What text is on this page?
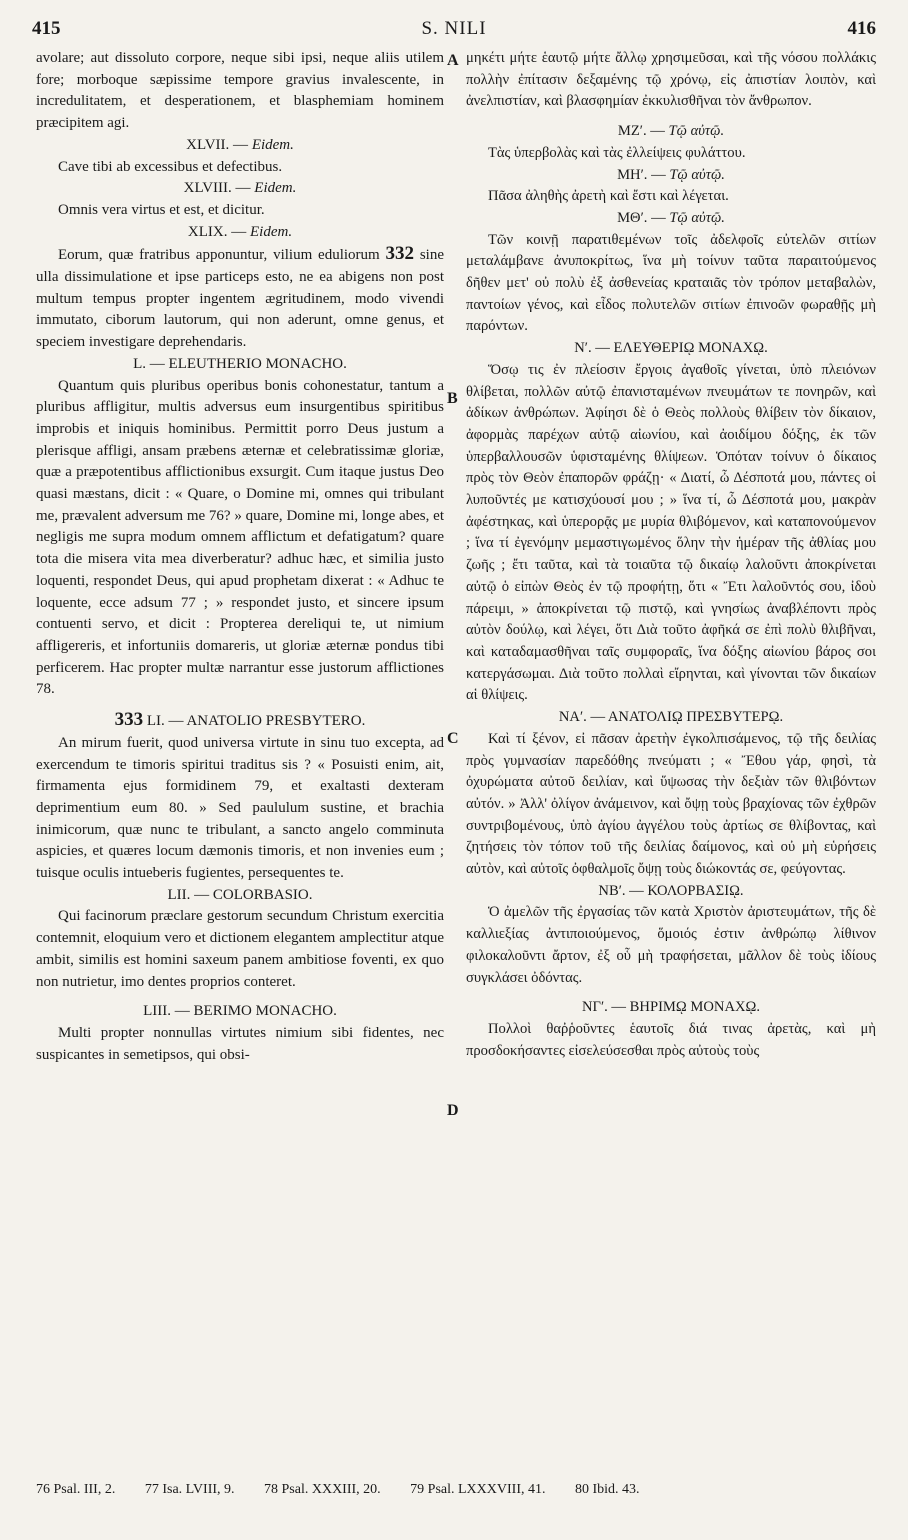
415	S. NILI	416
A
B
C
D

avolare; aut dissoluto corpore, neque sibi ipsi, neque aliis utilem fore; morboque sæpissime tempore gravius invalescente, in incredulitatem, et desperationem, et blasphemiam hominem præcipitem agi.

XLVII. — Eidem.

Cave tibi ab excessibus et defectibus.

XLVIII. — Eidem.

Omnis vera virtus et est, et dicitur.

XLIX. — Eidem.

Eorum, quæ fratribus apponuntur, vilium eduliorum 332 sine ulla dissimulatione et ipse particeps esto, ne ea abigens non post multum tempus propter ingentem ægritudinem, modo vivendi immutato, ciborum lautorum, qui non aderunt, omne genus, et speciem investigare deprehendaris.

L. — ELEUTHERIO MONACHO.

Quantum quis pluribus operibus bonis cohonestatur, tantum a pluribus affligitur, multis adversus eum insurgentibus spiritibus improbis et iniquis hominibus. Permittit porro Deus justum a plerisque affligi, ansam præbens æternæ et celebratissimæ gloriæ, quæ a præpotentibus afflictionibus exsurgit. Cum itaque justus Deo quasi mæstans, dicit : « Quare, o Domine mi, omnes qui tribulant me, prævalent adversum me 76? » quare, Domine mi, longe abes, et negligis me supra modum omnem afflictum et defatigatum? quare tota die misera vita mea diverberatur? adhuc hæc, et similia justo loquenti, respondet Deus, qui apud prophetam dixerat : « Adhuc te loquente, ecce adsum 77 ; » respondet justo, et sincere ipsum contuenti servo, et dicit : Propterea dereliqui te, ut nimium affligereris, et infortuniis domareris, ut gloriæ æternæ pondus tibi perficerem. Hac propter multæ narrantur esse justorum afflictiones 78.

333 LI. — ANATOLIO PRESBYTERO.

An mirum fuerit, quod universa virtute in sinu tuo excepta, ad exercendum te timoris spiritui traditus sis ? « Posuisti enim, ait, firmamenta ejus formidinem 79, et exaltasti dexteram deprimentium eum 80. » Sed paululum sustine, et brachia inimicorum, quæ nunc te tribulant, a sancto angelo comminuta aspicies, et quæres locum dæmonis timoris, et non invenies eum ; tuisque oculis intueberis fugientes, persequentes te.

LII. — COLORBASIO.

Qui facinorum præclare gestorum secundum Christum exercitia contemnit, eloquium vero et dictionem elegantem amplectitur atque ambit, similis est homini saxeum panem ambitiose foventi, ex quo non nutrietur, imo dentes proprios conteret.

LIII. — BERIMO MONACHO.

Multi propter nonnullas virtutes nimium sibi fidentes, nec suspicantes in semetipsos, qui obsi-

μηκέτι μήτε ἑαυτῷ μήτε ἄλλῳ χρησιμεῦσαι, καὶ τῆς νόσου πολλάκις πολλὴν ἐπίτασιν δεξαμένης τῷ χρόνῳ, εἰς ἀπιστίαν λοιπὸν, καὶ ἀνελπιστίαν, καὶ βλασφημίαν ἐκκυλισθῆναι τὸν ἄνθρωπον.

ΜΖʹ. — Τῷ αὐτῷ.

Τὰς ὑπερβολὰς καὶ τὰς ἐλλείψεις φυλάττου.

ΜΗʹ. — Τῷ αὐτῷ.

Πᾶσα ἀληθὴς ἀρετὴ καὶ ἔστι καὶ λέγεται.

ΜΘʹ. — Τῷ αὐτῷ.

Τῶν κοινῇ παρατιθεμένων τοῖς ἀδελφοῖς εὐτελῶν σιτίων μεταλάμβανε ἀνυποκρίτως, ἵνα μὴ τοίνυν ταῦτα παραιτούμενος δῆθεν μετ' οὐ πολὺ ἐξ ἀσθενείας κραταιᾶς τὸν τρόπον μεταβαλὼν, παντοίων γένος, καὶ εἶδος πολυτελῶν σιτίων ἐπινοῶν φωραθῇς μὴ παρόντων.

Νʹ. — ΕΛΕΥΘΕΡΙῼ ΜΟΝΑΧῼ.

Ὅσῳ τις ἐν πλείοσιν ἔργοις ἀγαθοῖς γίνεται, ὑπὸ πλειόνων θλίβεται, πολλῶν αὐτῷ ἐπανισταμένων πνευμάτων τε πονηρῶν, καὶ ἀδίκων ἀνθρώπων. Ἀφίησι δὲ ὁ Θεὸς πολλοὺς θλίβειν τὸν δίκαιον, ἀφορμὰς παρέχων αὐτῷ αἰωνίου, καὶ ἀοιδίμου δόξης, ἐκ τῶν ὑπερβαλλουσῶν ὑφισταμένης θλίψεων. Ὁπόταν τοίνυν ὁ δίκαιος πρὸς τὸν Θεὸν ἐπαπορῶν φράζῃ· « Διατί, ὦ Δέσποτά μου, πάντες οἱ λυποῦντές με κατισχύουσί μου ; » ἵνα τί, ὦ Δέσποτά μου, μακρὰν ἀφέστηκας, καὶ ὑπερορᾷς με μυρία θλιβόμενον, καὶ καταπονούμενον ; ἵνα τί ἐγενόμην μεμαστιγωμένος ὅλην τὴν ἡμέραν τῆς ἀθλίας μου ζωῆς ; ἔτι ταῦτα, καὶ τὰ τοιαῦτα τῷ δικαίῳ λαλοῦντι ἀποκρίνεται αὐτῷ ὁ εἰπὼν Θεὸς ἐν τῷ προφήτῃ, ὅτι « Ἔτι λαλοῦντός σου, ἰδοὺ πάρειμι, » ἀποκρίνεται τῷ πιστῷ, καὶ γνησίως ἀναβλέποντι πρὸς αὐτὸν δούλῳ, καὶ λέγει, ὅτι Διὰ τοῦτο ἀφῆκά σε ἐπὶ πολὺ θλιβῆναι, καὶ καταδαμασθῆναι ταῖς συμφοραῖς, ἵνα δόξης αἰωνίου βάρος σοι κατεργάσωμαι. Διὰ τοῦτο πολλαὶ εἴρηνται, καὶ γίνονται τῶν δικαίων αἱ θλίψεις.

ΝΑʹ. — ΑΝΑΤΟΛΙῼ ΠΡΕΣΒΥΤΕΡῼ.

Καὶ τί ξένον, εἰ πᾶσαν ἀρετὴν ἐγκολπισάμενος, τῷ τῆς δειλίας πρὸς γυμνασίαν παρεδόθης πνεύματι ; « Ἔθου γάρ, φησὶ, τὰ ὀχυρώματα αὐτοῦ δειλίαν, καὶ ὕψωσας τὴν δεξιὰν τῶν θλιβόντων αὐτόν. » Ἀλλ' ὀλίγον ἀνάμεινον, καὶ ὄψῃ τοὺς βραχίονας τῶν ἐχθρῶν συντριβομένους, ὑπὸ ἁγίου ἀγγέλου τοὺς ἀρτίως σε θλίβοντας, καὶ ζητήσεις τὸν τόπον τοῦ τῆς δειλίας δαίμονος, καὶ οὐ μὴ εὑρήσεις αὐτὸν, καὶ αὐτοῖς ὀφθαλμοῖς ὄψῃ τοὺς διώκοντάς σε, φεύγοντας.

ΝΒʹ. — ΚΟΛΟΡΒΑΣΙῼ.

Ὁ ἀμελῶν τῆς ἐργασίας τῶν κατὰ Χριστὸν ἀριστευμάτων, τῆς δὲ καλλιεξίας ἀντιποιούμενος, ὅμοιός ἐστιν ἀνθρώπῳ λίθινον φιλοκαλοῦντι ἄρτον, ἐξ οὗ μὴ τραφήσεται, μᾶλλον δὲ τοὺς ἰδίους συγκλάσει ὀδόντας.

ΝΓʹ. — ΒΗΡΙΜῼ ΜΟΝΑΧῼ.

Πολλοὶ θαῤῥοῦντες ἑαυτοῖς διά τινας ἀρετὰς, καὶ μὴ προσδοκήσαντες εἰσελεύσεσθαι πρὸς αὐτοὺς τοὺς

76 Psal. III, 2. 77 Isa. LVIII, 9. 78 Psal. XXXIII, 20. 79 Psal. LXXXVIII, 41. 80 Ibid. 43.
